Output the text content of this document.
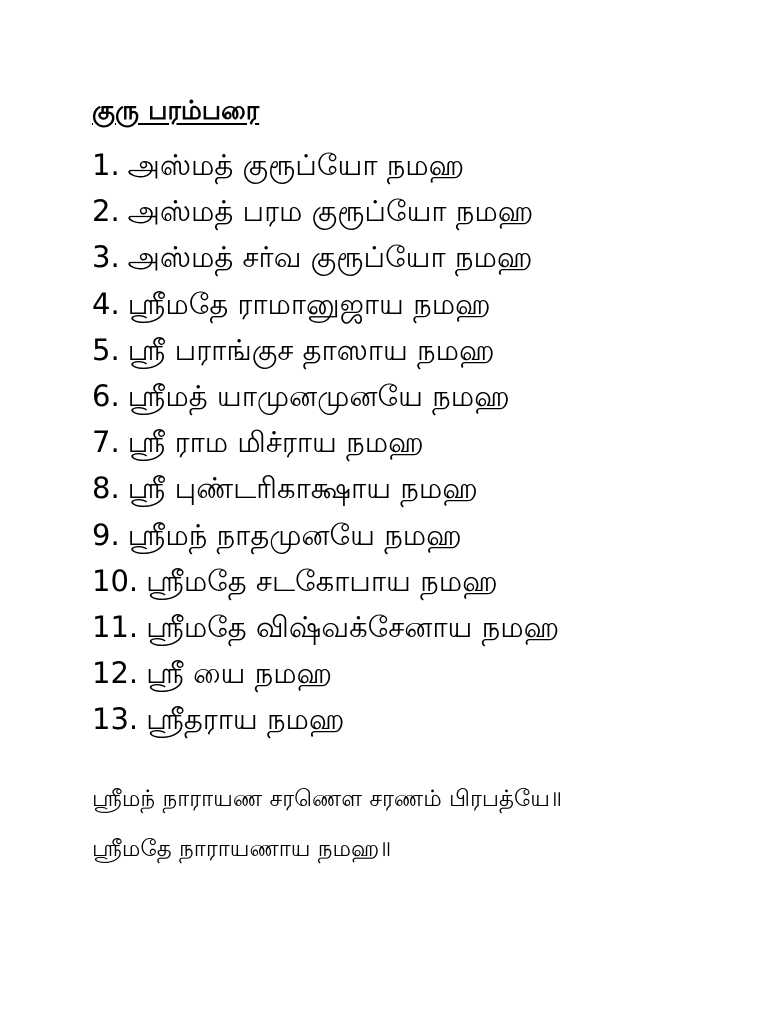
குரு பரம்பரை
1. அஸ்மத் குரூப்யோ நமஹ
2. அஸ்மத் பரம குரூப்யோ நமஹ
3. அஸ்மத் சர்வ குரூப்யோ நமஹ
4. ஸ்ரீமதே ராமானுஜாய நமஹ
5. ஸ்ரீ பராங்குச தாஸாய நமஹ
6. ஸ்ரீமத் யாமுனமுனயே நமஹ
7. ஸ்ரீ ராம மிச்ராய நமஹ
8. ஸ்ரீ புண்டரிகாக்ஷாய நமஹ
9. ஸ்ரீமந் நாதமுனயே நமஹ
10. ஸ்ரீமதே சடகோபாய நமஹ
11. ஸ்ரீமதே விஷ்வக்சேனாய நமஹ
12. ஸ்ரீ யை நமஹ
13. ஸ்ரீதராய நமஹ
ஸ்ரீமந் நாராயண சரணௌ சரணம் பிரபத்யே॥
ஸ்ரீமதே நாராயணாய நமஹ॥
